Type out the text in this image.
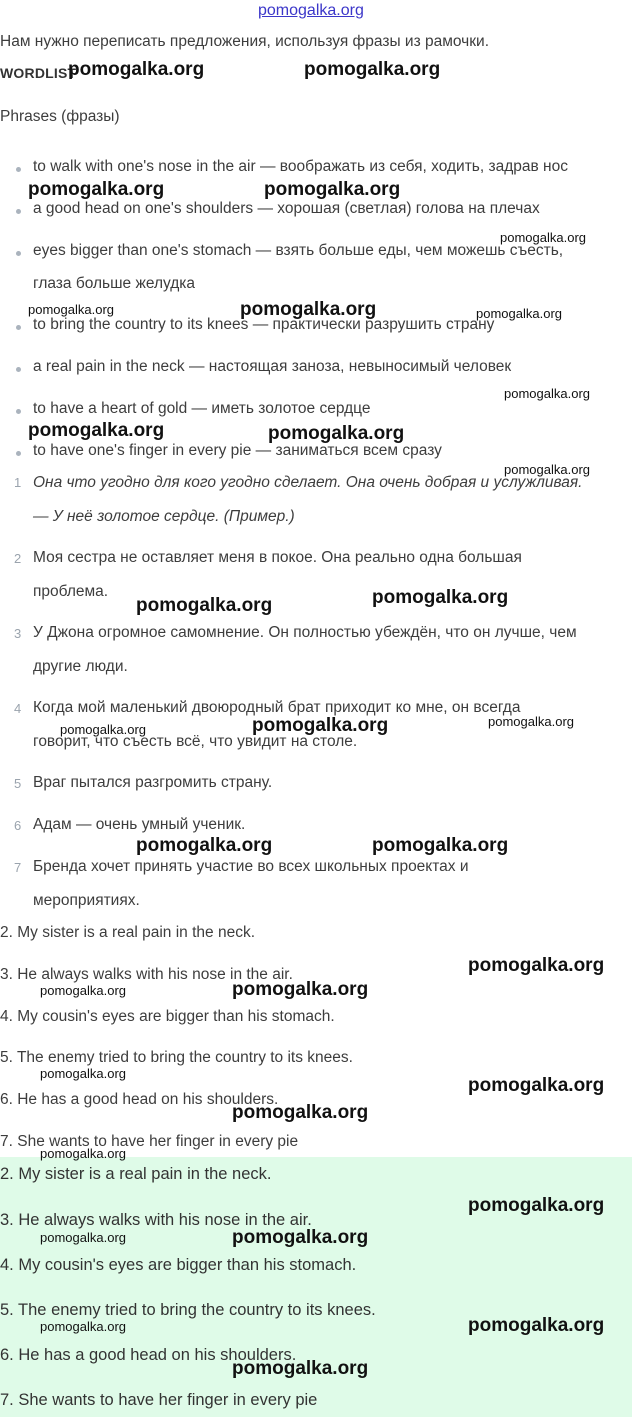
pomogalka.org
Нам нужно переписать предложения, используя фразы из рамочки.
WORDLIST
Phrases (фразы)
to walk with one's nose in the air — воображать из себя, ходить, задрав нос
a good head on one's shoulders — хорошая (светлая) голова на плечах
eyes bigger than one's stomach — взять больше еды, чем можешь съесть,
глаза больше желудка
to bring the country to its knees — практически разрушить страну
a real pain in the neck — настоящая заноза, невыносимый человек
to have a heart of gold — иметь золотое сердце
to have one's finger in every pie — заниматься всем сразу
1 Она что угодно для кого угодно сделает. Она очень добрая и услужливая.
— У неё золотое сердце. (Пример.)
2 Моя сестра не оставляет меня в покое. Она реально одна большая
проблема.
3 У Джона огромное самомнение. Он полностью убеждён, что он лучше, чем
другие люди.
4 Когда мой маленький двоюродный брат приходит ко мне, он всегда
говорит, что съесть всё, что увидит на столе.
5 Враг пытался разгромить страну.
6 Адам — очень умный ученик.
7 Бренда хочет принять участие во всех школьных проектах и
мероприятиях.
2. My sister is a real pain in the neck.
3. He always walks with his nose in the air.
4. My cousin's eyes are bigger than his stomach.
5. The enemy tried to bring the country to its knees.
6. He has a good head on his shoulders.
7. She wants to have her finger in every pie
2. My sister is a real pain in the neck.
3. He always walks with his nose in the air.
4. My cousin's eyes are bigger than his stomach.
5. The enemy tried to bring the country to its knees.
6. He has a good head on his shoulders.
7. She wants to have her finger in every pie
pomogalka.org	pomogalka.org
pomogalka.org	pomogalka.org
pomogalka.org
pomogalka.org	pomogalka.org	pomogalka.org
pomogalka.org
pomogalka.org	pomogalka.org
pomogalka.org
pomogalka.org	pomogalka.org
pomogalka.org	pomogalka.org	pomogalka.org
pomogalka.org	pomogalka.org
pomogalka.org
pomogalka.org	pomogalka.org
pomogalka.org
pomogalka.org
pomogalka.org
pomogalka.org
pomogalka.org
pomogalka.org	pomogalka.org
pomogalka.org	pomogalka.org
pomogalka.org
